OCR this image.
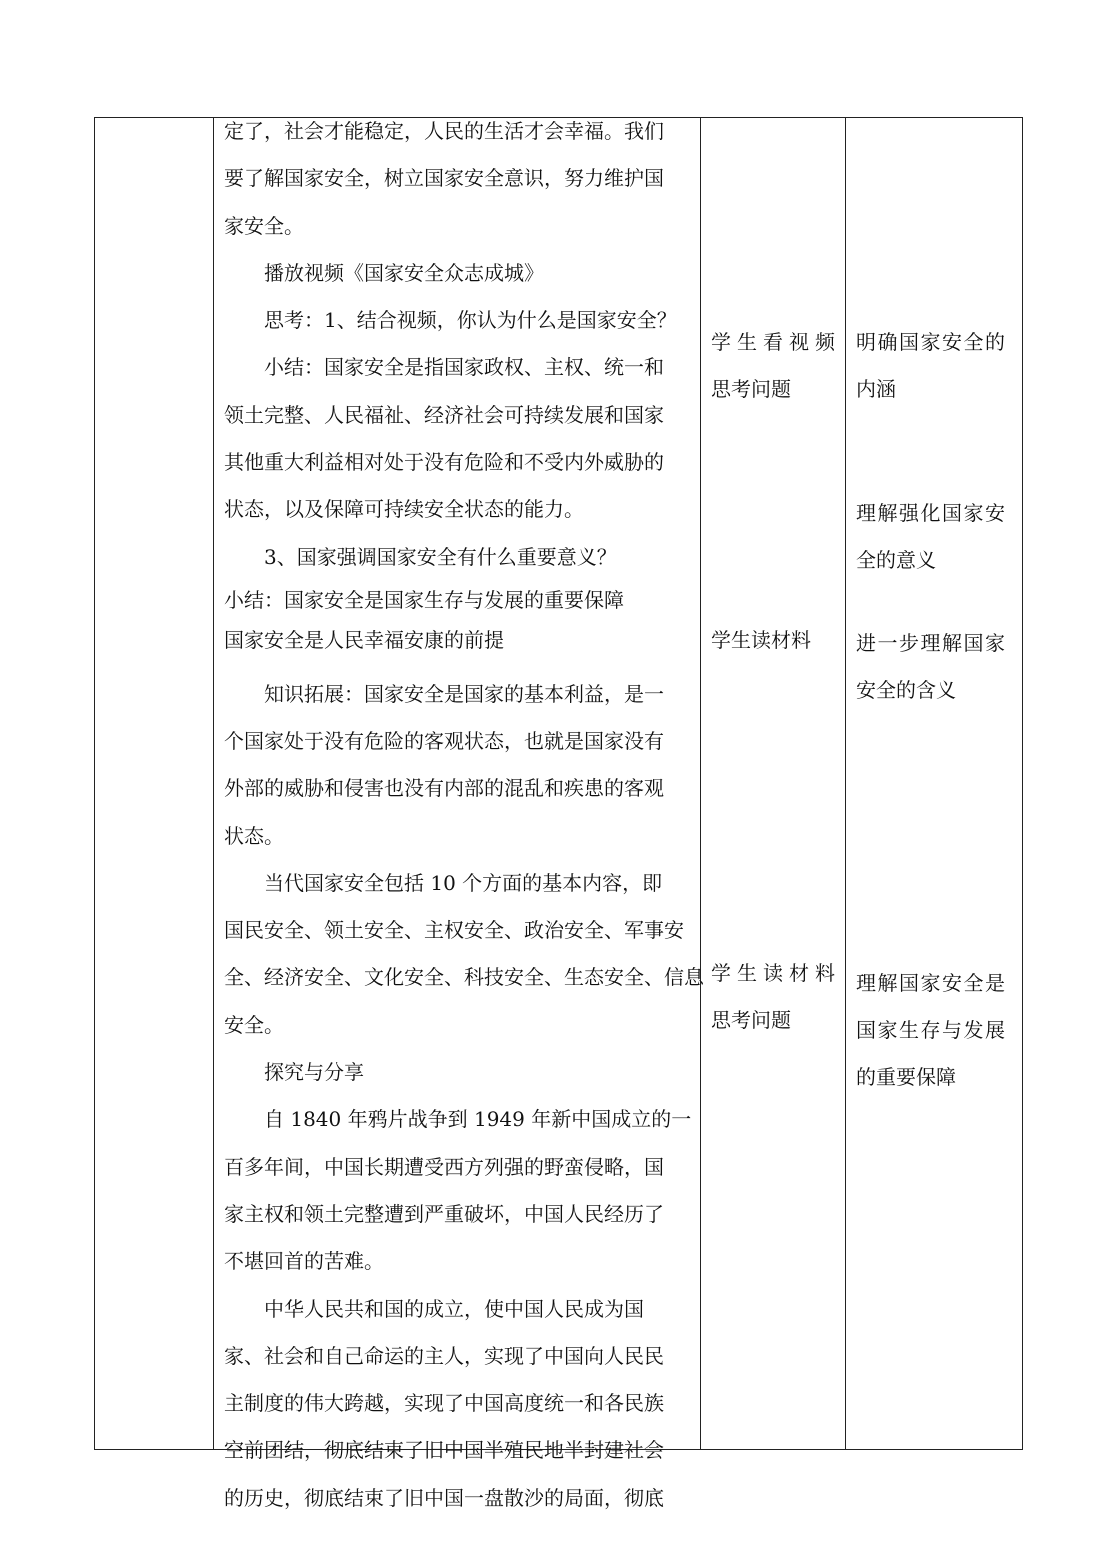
定了，社会才能稳定，人民的生活才会幸福。我们

要了解国家安全，树立国家安全意识，努力维护国

家安全。

　　播放视频《国家安全众志成城》

　　思考：1、结合视频，你认为什么是国家安全？

　　小结：国家安全是指国家政权、主权、统一和

领土完整、人民福祉、经济社会可持续发展和国家

其他重大利益相对处于没有危险和不受内外威胁的

状态，以及保障可持续安全状态的能力。

　　3、国家强调国家安全有什么重要意义？

小结：国家安全是国家生存与发展的重要保障

国家安全是人民幸福安康的前提

　　知识拓展：国家安全是国家的基本利益，是一

个国家处于没有危险的客观状态，也就是国家没有

外部的威胁和侵害也没有内部的混乱和疾患的客观

状态。

　　当代国家安全包括 10 个方面的基本内容，即

国民安全、领土安全、主权安全、政治安全、军事安

全、经济安全、文化安全、科技安全、生态安全、信息

安全。

　　探究与分享

　　自 1840 年鸦片战争到 1949 年新中国成立的一

百多年间，中国长期遭受西方列强的野蛮侵略，国

家主权和领土完整遭到严重破坏，中国人民经历了

不堪回首的苦难。

　　中华人民共和国的成立，使中国人民成为国

家、社会和自己命运的主人，实现了中国向人民民

主制度的伟大跨越，实现了中国高度统一和各民族

空前团结，彻底结束了旧中国半殖民地半封建社会

的历史，彻底结束了旧中国一盘散沙的局面，彻底

学生看视频

思考问题

学生读材料

学生读材料

思考问题

明确国家安全的

内涵

理解强化国家安

全的意义

进一步理解国家

安全的含义

理解国家安全是

国家生存与发展

的重要保障
